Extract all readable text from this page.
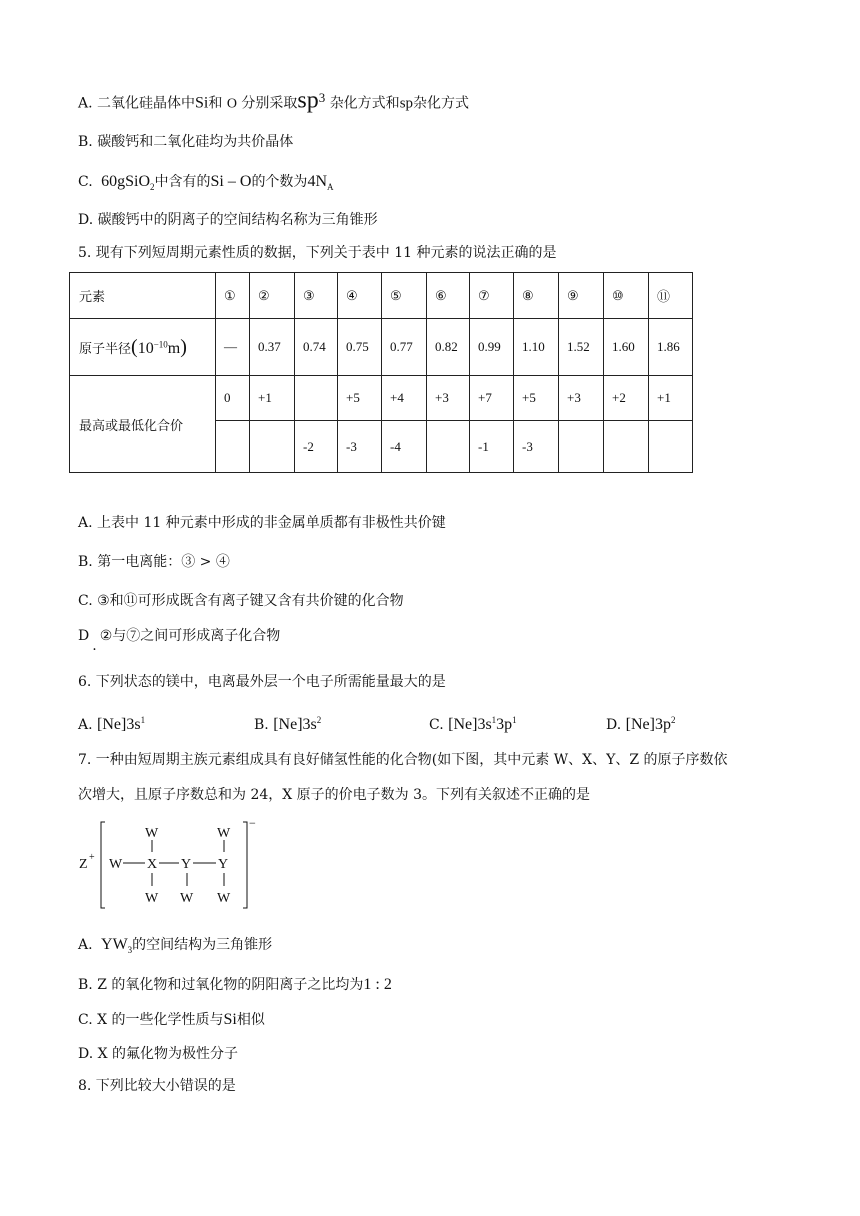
A. 二氧化硅晶体中Si和 O 分别采取$sp^3$ 杂化方式和sp杂化方式
B. 碳酸钙和二氧化硅均为共价晶体
C. 60gSiO$_2$中含有的Si – O的个数为$4N_A$
D. 碳酸钙中的阴离子的空间结构名称为三角锥形
5. 现有下列短周期元素性质的数据，下列关于表中 11 种元素的说法正确的是
元素	①	②	③	④	⑤	⑥	⑦	⑧	⑨	⑩	⑪
原子半径$(10^{-10}m)$	—	0.37	0.74	0.75	0.77	0.82	0.99	1.10	1.52	1.60	1.86
最高或最低化合价	0	+1		+5	+4	+3	+7	+5	+3	+2	+1
			-2	-3	-4		-1	-3			
A. 上表中 11 种元素中形成的非金属单质都有非极性共价键
B. 第一电离能：③ > ④
C. ③和⑪可形成既含有离子键又含有共价键的化合物
D.②与⑦之间可形成离子化合物
6. 下列状态的镁中，电离最外层一个电子所需能量最大的是
A. $[Ne]3s^1$	B. $[Ne]3s^2$	C. $[Ne]3s^13p^1$	D. $[Ne]3p^2$
7. 一种由短周期主族元素组成具有良好储氢性能的化合物(如下图，其中元素 W、X、Y、Z 的原子序数依
次增大，且原子序数总和为 24，X 原子的价电子数为 3。下列有关叙述不正确的是
Z + W X Y Y
W	W
W W W
−
A. $YW_3$的空间结构为三角锥形
B. Z 的氧化物和过氧化物的阴阳离子之比均为1 : 2
C. X 的一些化学性质与Si相似
D. X 的氟化物为极性分子
8. 下列比较大小错误的是
